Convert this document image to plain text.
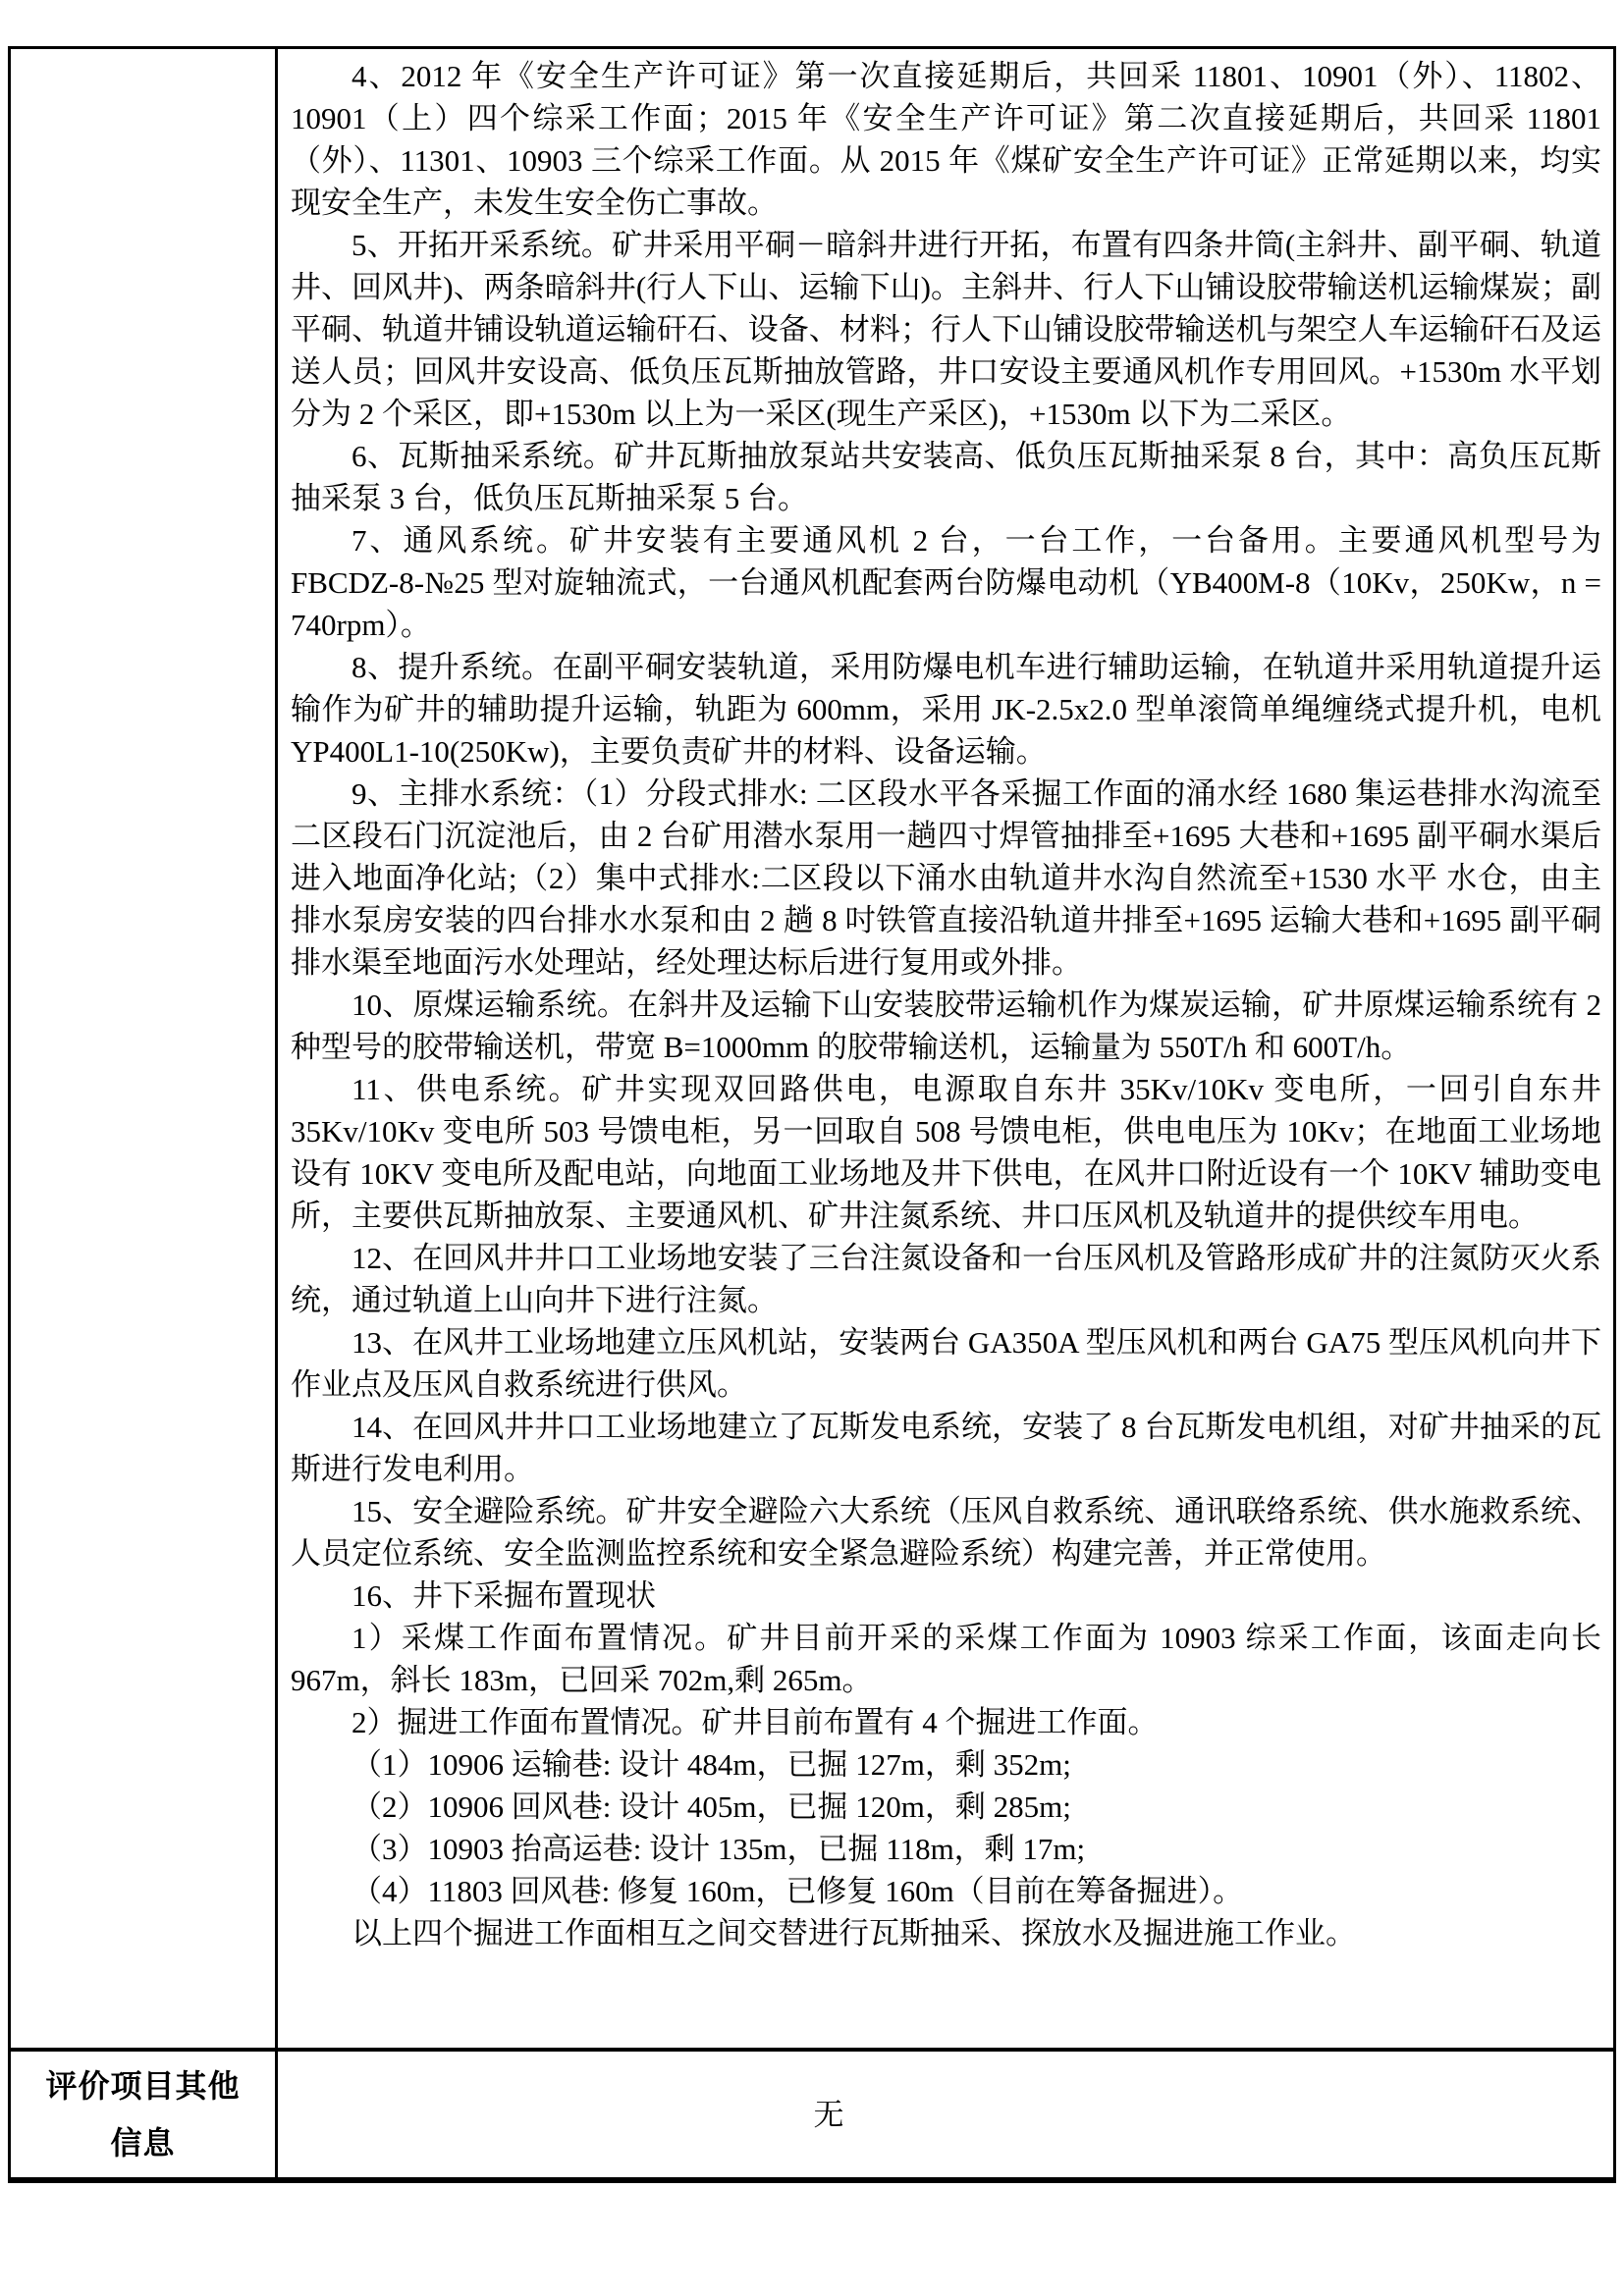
4、2012 年《安全生产许可证》第一次直接延期后，共回采 11801、10901（外）、11802、10901（上）四个综采工作面；2015 年《安全生产许可证》第二次直接延期后，共回采 11801（外）、11301、10903 三个综采工作面。从 2015 年《煤矿安全生产许可证》正常延期以来，均实现安全生产，未发生安全伤亡事故。

5、开拓开采系统。矿井采用平硐－暗斜井进行开拓，布置有四条井筒(主斜井、副平硐、轨道井、回风井)、两条暗斜井(行人下山、运输下山)。主斜井、行人下山铺设胶带输送机运输煤炭；副平硐、轨道井铺设轨道运输矸石、设备、材料；行人下山铺设胶带输送机与架空人车运输矸石及运送人员；回风井安设高、低负压瓦斯抽放管路，井口安设主要通风机作专用回风。+1530m 水平划分为 2 个采区，即+1530m 以上为一采区(现生产采区)，+1530m 以下为二采区。

6、瓦斯抽采系统。矿井瓦斯抽放泵站共安装高、低负压瓦斯抽采泵 8 台，其中：高负压瓦斯抽采泵 3 台，低负压瓦斯抽采泵 5 台。

7、通风系统。矿井安装有主要通风机 2 台，一台工作，一台备用。主要通风机型号为 FBCDZ-8-№25 型对旋轴流式，一台通风机配套两台防爆电动机（YB400M-8（10Kv，250Kw，n = 740rpm）。

8、提升系统。在副平硐安装轨道，采用防爆电机车进行辅助运输，在轨道井采用轨道提升运输作为矿井的辅助提升运输，轨距为 600mm，采用 JK-2.5x2.0 型单滚筒单绳缠绕式提升机，电机 YP400L1-10(250Kw)，主要负责矿井的材料、设备运输。

9、主排水系统：（1）分段式排水: 二区段水平各采掘工作面的涌水经 1680 集运巷排水沟流至二区段石门沉淀池后，由 2 台矿用潜水泵用一趟四寸焊管抽排至+1695 大巷和+1695 副平硐水渠后进入地面净化站;（2）集中式排水:二区段以下涌水由轨道井水沟自然流至+1530 水平 水仓，由主排水泵房安装的四台排水水泵和由 2 趟 8 吋铁管直接沿轨道井排至+1695 运输大巷和+1695 副平硐排水渠至地面污水处理站，经处理达标后进行复用或外排。

10、原煤运输系统。在斜井及运输下山安装胶带运输机作为煤炭运输，矿井原煤运输系统有 2 种型号的胶带输送机，带宽 B=1000mm 的胶带输送机，运输量为 550T/h 和 600T/h。

11、供电系统。矿井实现双回路供电，电源取自东井 35Kv/10Kv 变电所，一回引自东井 35Kv/10Kv 变电所 503 号馈电柜，另一回取自 508 号馈电柜，供电电压为 10Kv；在地面工业场地设有 10KV 变电所及配电站，向地面工业场地及井下供电，在风井口附近设有一个 10KV 辅助变电所，主要供瓦斯抽放泵、主要通风机、矿井注氮系统、井口压风机及轨道井的提供绞车用电。

12、在回风井井口工业场地安装了三台注氮设备和一台压风机及管路形成矿井的注氮防灭火系统，通过轨道上山向井下进行注氮。

13、在风井工业场地建立压风机站，安装两台 GA350A 型压风机和两台 GA75 型压风机向井下作业点及压风自救系统进行供风。

14、在回风井井口工业场地建立了瓦斯发电系统，安装了 8 台瓦斯发电机组，对矿井抽采的瓦斯进行发电利用。

15、安全避险系统。矿井安全避险六大系统（压风自救系统、通讯联络系统、供水施救系统、人员定位系统、安全监测监控系统和安全紧急避险系统）构建完善，并正常使用。

16、井下采掘布置现状

1）采煤工作面布置情况。矿井目前开采的采煤工作面为 10903 综采工作面，该面走向长 967m，斜长 183m，已回采 702m,剩 265m。

2）掘进工作面布置情况。矿井目前布置有 4 个掘进工作面。

（1）10906 运输巷: 设计 484m，已掘 127m，剩 352m;

（2）10906 回风巷: 设计 405m，已掘 120m，剩 285m;

（3）10903 抬高运巷: 设计 135m，已掘 118m，剩 17m;

（4）11803 回风巷: 修复 160m，已修复 160m（目前在筹备掘进）。

以上四个掘进工作面相互之间交替进行瓦斯抽采、探放水及掘进施工作业。

评价项目其他
信息
无
